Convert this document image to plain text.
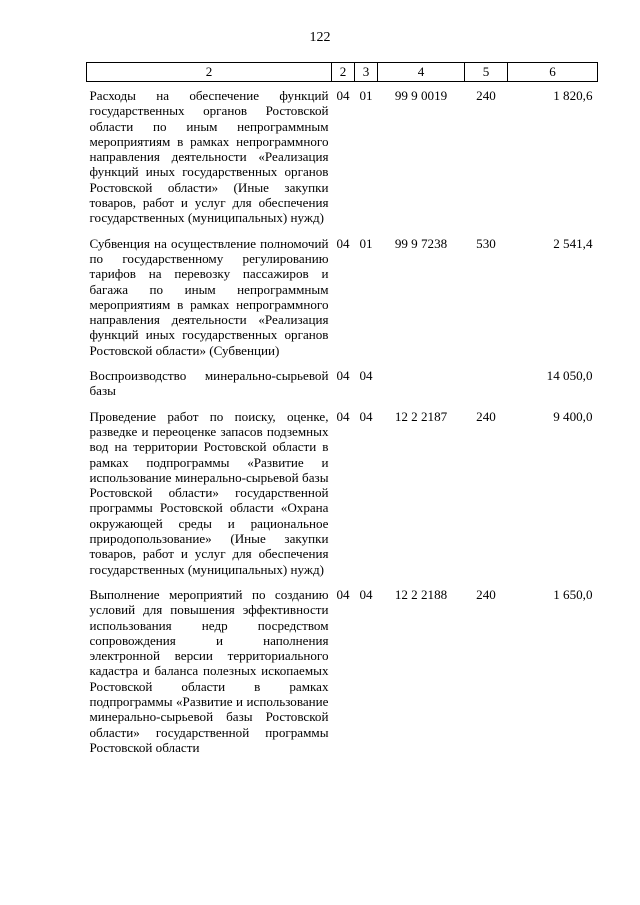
122
2	2	3	4	5	6
Расходы на обеспечение функций государственных органов Ростовской области по иным непрограммным мероприятиям в рамках непрограммного направления деятельности «Реализация функций иных государственных органов Ростовской области» (Иные закупки товаров, работ и услуг для обеспечения государственных (муниципальных) нужд)	04	01	99 9 0019	240	1 820,6
Субвенция на осуществление полномочий по государственному регулированию тарифов на перевозку пассажиров и багажа по иным непрограммным мероприятиям в рамках непрограммного направления деятельности «Реализация функций иных государственных органов Ростовской области» (Субвенции)	04	01	99 9 7238	530	2 541,4
Воспроизводство минерально-сырьевой базы	04	04			14 050,0
Проведение работ по поиску, оценке, разведке и переоценке запасов подземных вод на территории Ростовской области в рамках подпрограммы «Развитие и использование минерально-сырьевой базы Ростовской области» государственной программы Ростовской области «Охрана окружающей среды и рациональное природопользование» (Иные закупки товаров, работ и услуг для обеспечения государственных (муниципальных) нужд)	04	04	12 2 2187	240	9 400,0
Выполнение мероприятий по созданию условий для повышения эффективности использования недр посредством сопровождения и наполнения электронной версии территориального кадастра и баланса полезных ископаемых Ростовской области в рамках подпрограммы «Развитие и использование минерально-сырьевой базы Ростовской области» государственной программы Ростовской области	04	04	12 2 2188	240	1 650,0
